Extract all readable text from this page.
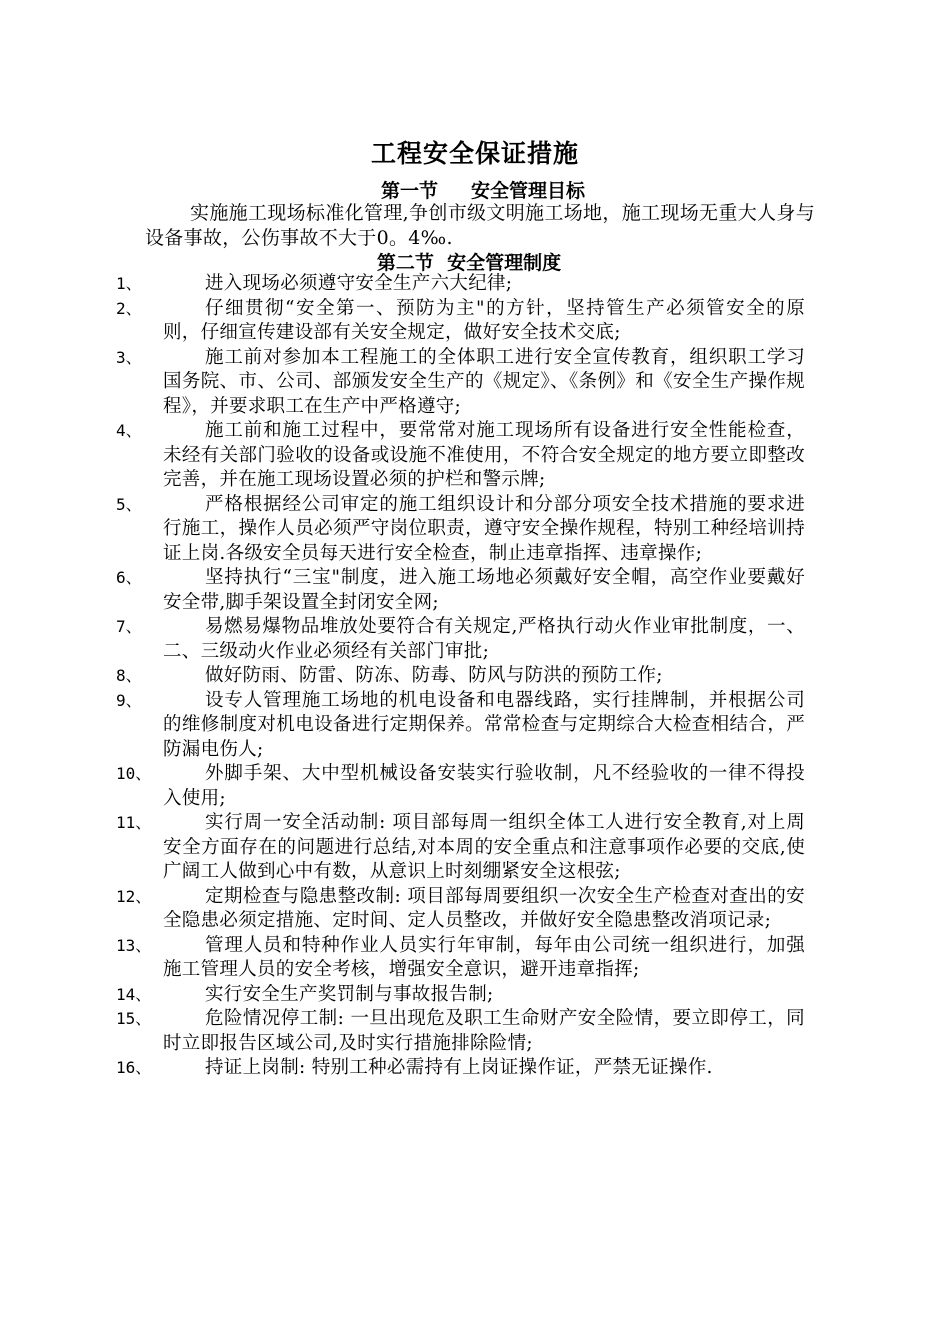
工程安全保证措施
第一节     安全管理目标
实施施工现场标准化管理,争创市级文明施工场地，施工现场无重大人身与设备事故，公伤事故不大于0。4‰.
第二节  安全管理制度
1、	进入现场必须遵守安全生产六大纪律;
2、	仔细贯彻“安全第一、预防为主"的方针，坚持管生产必须管安全的原则，仔细宣传建设部有关安全规定，做好安全技术交底;
3、	施工前对参加本工程施工的全体职工进行安全宣传教育，组织职工学习国务院、市、公司、部颁发安全生产的《规定》、《条例》和《安全生产操作规程》，并要求职工在生产中严格遵守;
4、	施工前和施工过程中，要常常对施工现场所有设备进行安全性能检查，未经有关部门验收的设备或设施不准使用，不符合安全规定的地方要立即整改完善，并在施工现场设置必须的护栏和警示牌;
5、	严格根据经公司审定的施工组织设计和分部分项安全技术措施的要求进行施工，操作人员必须严守岗位职责，遵守安全操作规程，特别工种经培训持证上岗.各级安全员每天进行安全检查，制止违章指挥、违章操作;
6、	坚持执行“三宝"制度，进入施工场地必须戴好安全帽，高空作业要戴好安全带,脚手架设置全封闭安全网;
7、	易燃易爆物品堆放处要符合有关规定,严格执行动火作业审批制度，一、二、三级动火作业必须经有关部门审批;
8、	做好防雨、防雷、防冻、防毒、防风与防洪的预防工作;
9、	设专人管理施工场地的机电设备和电器线路，实行挂牌制，并根据公司的维修制度对机电设备进行定期保养。常常检查与定期综合大检查相结合，严防漏电伤人;
10、	外脚手架、大中型机械设备安装实行验收制，凡不经验收的一律不得投入使用;
11、	实行周一安全活动制: 项目部每周一组织全体工人进行安全教育,对上周安全方面存在的问题进行总结,对本周的安全重点和注意事项作必要的交底,使广阔工人做到心中有数，从意识上时刻绷紧安全这根弦;
12、	定期检查与隐患整改制: 项目部每周要组织一次安全生产检查对查出的安全隐患必须定措施、定时间、定人员整改，并做好安全隐患整改消项记录;
13、	管理人员和特种作业人员实行年审制，每年由公司统一组织进行，加强施工管理人员的安全考核，增强安全意识，避开违章指挥;
14、	实行安全生产奖罚制与事故报告制;
15、	危险情况停工制: 一旦出现危及职工生命财产安全险情，要立即停工，同时立即报告区域公司,及时实行措施排除险情;
16、	持证上岗制: 特别工种必需持有上岗证操作证，严禁无证操作.
